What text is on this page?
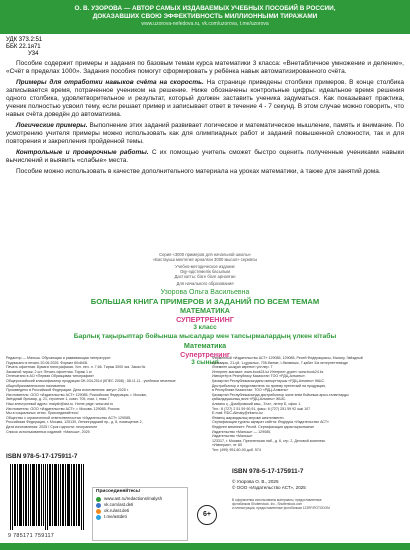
О. В. УЗОРОВА — АВТОР САМЫХ ИЗДАВАЕМЫХ УЧЕБНЫХ ПОСОБИЙ В РОССИИ,
ДОКАЗАВШИХ СВОЮ ЭФФЕКТИВНОСТЬ МИЛЛИОННЫМИ ТИРАЖАМИ
www.uzorova-nefedova.ru, vk.com/uzorova, t.me/uzorova
УДК 373.2:51
ББК 22.1я71
У34

Пособие содержит примеры и задания по базовым темам курса математики 3 класса: «Внетабличное умножение и деление», «Счёт в пределах 1000». Задания пособия помогут сформировать у ребёнка навык автоматизированного счёта.

Примеры для отработки навыков счёта на скорость. На странице приведены столбики примеров. В конце столбика записывается время, потраченное учеником на решение. Ниже обозначены контрольные цифры: идеальное время решения одного столбика, удовлетворительное и результат, который должен заставить ученика задуматься. Как показывает практика, ученик полностью усвоил тему, если решает пример и записывает ответ в течение 4 - 7 секунд. В этом случае можно говорить, что навык счёта доведён до автоматизма.

Логические примеры. Выполнение этих заданий развивает логическое и математическое мышление, память и внимание. По усмотрению учителя примеры можно использовать как для олимпиадных работ и заданий повышенной сложности, так и для повторения и закрепления пройденной темы.

Контрольные и проверочные работы. С их помощью учитель сможет быстро оценить полученные учениками навыки вычислений и выявить «слабые» места.

Пособие можно использовать в качестве дополнительного материала на уроках математики, а также для занятий дома.

Серия «3000 примеров для начальной школы»
«Бастауыш мектепке арналған 3000 мысал» сериясы
Учебно-методическое издание
Оқу-әдістемелік басылым
Дастхатты: бізге бізге арналған
Для начального образования
Узорова Ольга Васильевна
БОЛЬШАЯ КНИГА ПРИМЕРОВ И ЗАДАНИЙ ПО ВСЕМ ТЕМАМ
МАТЕМАТИКА
СУПЕРТРЕНИНГ
3 класс
Барлық тақырыптар бойынша мысалдар мен тапсырмалардың үлкен кітабы
Математика
Супертренинг
3 сынып
Редактор — Малыш. Обучающая и развивающая литература»
Подписано в печать 20.06.2025. Формат 60x84/8.
Печать офсетная. Бумага типографская. Усл. печ. л. 7,66. Тираж 3000 экз. Заказ №
Заказной тираж: 2 шт. Печать офсетная. Тираж 1 кг
Отпечатано в АО «Первая Образцовая типография»
Общероссийский классификатор продукции ОК-034-2014 (КПЕС 2008) ; 58.11.11 - учебники печатные
общеобразовательного назначения
Произведено в Российской Федерации. Дата изготовления: август 2025 г.
Изготовитель: ООО «Издательство АСТ» 129085, Российская Федерация, г. Москва,
Звёздный бульвар, д. 21, строение 1, комн. 705, пом. I, этаж 7
Наш электронный адрес: malysh@ast.ru. Home page: www.ast.ru
Изготовитель: ООО «Издательство АСТ», г. Москва, 129085, Россия
Мы в социальных сетях. Присоединяйтесь!
Общество с ограниченной ответственностью «Издательство АСТ» 129085,
Российская Федерация, г. Москва, 125130, Ленинградский пр., д. 8, помещение 2,
Дата изготовления: 2025 / Срок годности: неограничен
Список использованных изданий: «Малыш», 2025
Фирменный «Издательство АСТ» 129085, 129085, Ресей Федерациясы, Мәскеу, Звёздный
бульвары, 21-үй, 1-құрылыс, 705-бөлме, І-бөлмешік, 7-қабат. Біз интернеттемізде
Әлемнен шыққан көрнекті үлгілер: 7
Интернет-магазин: www.book24.kz Интернет-дүкен: www.book24.kz
Импортёр в Республику Казахстан ТОО «РДЦ-Алматы».
Қазақстан Республикасындағы импорттаушы «РДЦ-Алматы» ЖШС.
Дистрибьютор и представитель по приему претензий на продукцию,
в Республике Казахстан: ТОО «РДЦ-Алматы»
Қазақстан Республикасында дистрибьютор және өнім бойынша арыз-талаптарды
қабылдаушының өкілі «РДЦ-Алматы» ЖШС.
Алматы қ., Домбровский көш., 3«а», литер Б, офис 1.
Тел.: 8 (727) 2 51 59 90,91, факс: 8 (727) 251 59 92 ішкі 107
E-mail: RDC-Almaty@eksmo.kz
Өнімнің жарамдылық мерзімі шектелмеген.
Сертификация туралы ақпарат сайтта: Өндіруші «Издательство АСТ»
Өндірген мемлекет: Ресей. Сертификация қарастырылмаған
Издательство «Малыш» — 129085,
Издательство «Малыш»
123317, г. Москва, Пресненская наб., д. 6, стр. 2, Деловой комплекс
«Империя», эт. 60
Тел: (499) 951-60-00 доб. 574
ISBN 978-5-17-175911-7
9 785171 759117
Присоединяйтесь!
www.ast.ru/redactions/malysh
vk.com/ast.deti
ok.ru/ast.deti
t.me/astdeti	6+
ISBN 978-5-17-175911-7
© Узорова О. В., 2025
© ООО «Издательство АСТ», 2025
В оформлении использованы материалы, предоставленные
фотобанком Shutterstock, Inc., Shutterstock.com
и иллюстрации, предоставленные фотобанком 123RF/ROTODOM
